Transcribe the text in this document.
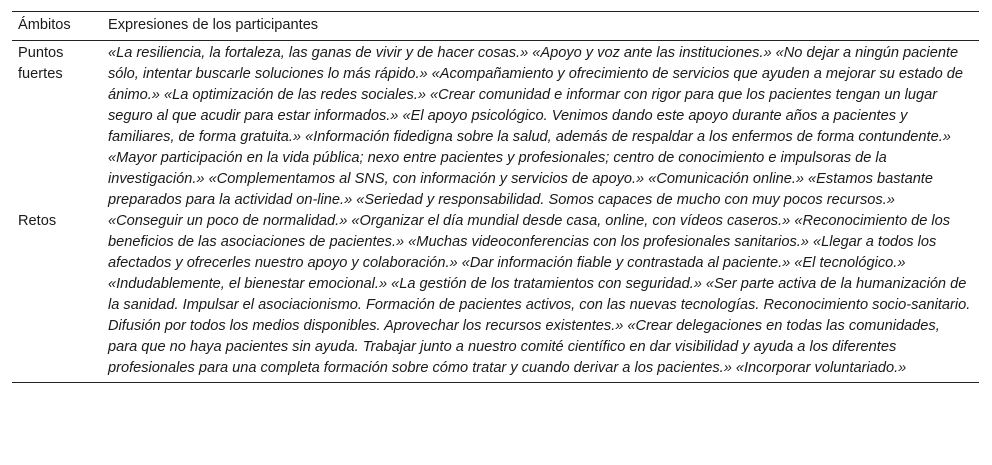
Ámbitos	Expresiones de los participantes
Puntos fuertes	«La resiliencia, la fortaleza, las ganas de vivir y de hacer cosas.» «Apoyo y voz ante las instituciones.» «No dejar a ningún paciente sólo, intentar buscarle soluciones lo más rápido.» «Acompañamiento y ofrecimiento de servicios que ayuden a mejorar su estado de ánimo.» «La optimización de las redes sociales.» «Crear comunidad e informar con rigor para que los pacientes tengan un lugar seguro al que acudir para estar informados.» «El apoyo psicológico. Venimos dando este apoyo durante años a pacientes y familiares, de forma gratuita.» «Información fidedigna sobre la salud, además de respaldar a los enfermos de forma contundente.» «Mayor participación en la vida pública; nexo entre pacientes y profesionales; centro de conocimiento e impulsoras de la investigación.» «Complementamos al SNS, con información y servicios de apoyo.» «Comunicación online.» «Estamos bastante preparados para la actividad on-line.» «Seriedad y responsabilidad. Somos capaces de mucho con muy pocos recursos.»
Retos	«Conseguir un poco de normalidad.» «Organizar el día mundial desde casa, online, con vídeos caseros.» «Reconocimiento de los beneficios de las asociaciones de pacientes.» «Muchas videoconferencias con los profesionales sanitarios.» «Llegar a todos los afectados y ofrecerles nuestro apoyo y colaboración.» «Dar información fiable y contrastada al paciente.» «El tecnológico.» «Indudablemente, el bienestar emocional.» «La gestión de los tratamientos con seguridad.» «Ser parte activa de la humanización de la sanidad. Impulsar el asociacionismo. Formación de pacientes activos, con las nuevas tecnologías. Reconocimiento socio-sanitario. Difusión por todos los medios disponibles. Aprovechar los recursos existentes.» «Crear delegaciones en todas las comunidades, para que no haya pacientes sin ayuda. Trabajar junto a nuestro comité científico en dar visibilidad y ayuda a los diferentes profesionales para una completa formación sobre cómo tratar y cuando derivar a los pacientes.» «Incorporar voluntariado.»
